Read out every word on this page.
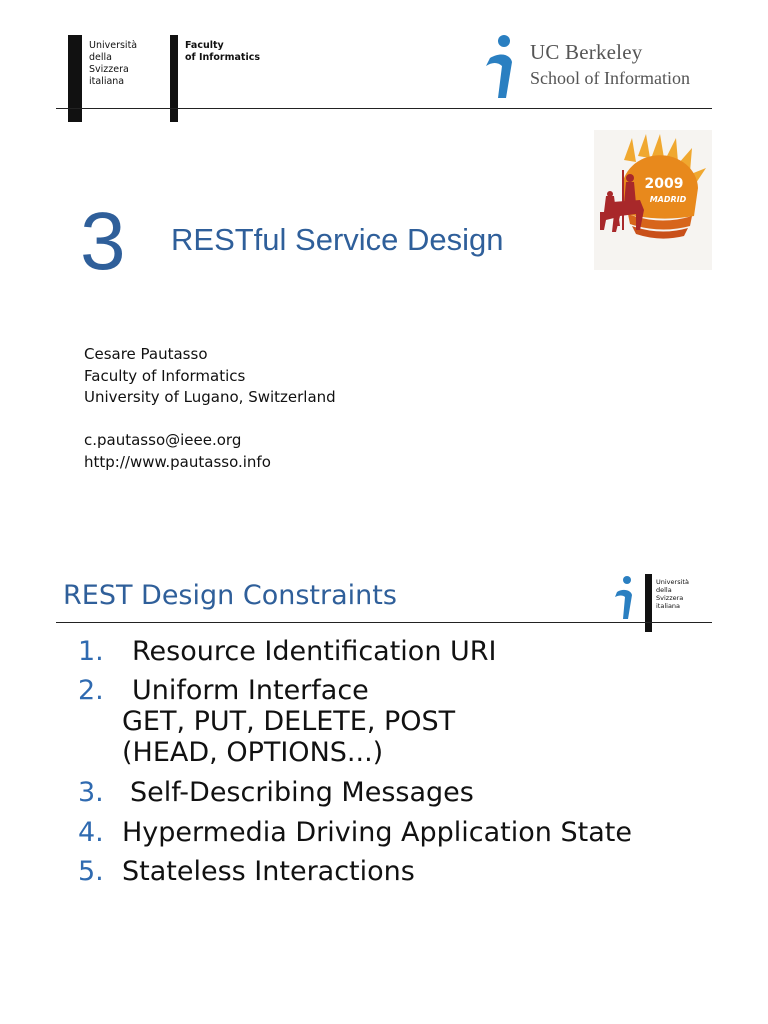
Università
della
Svizzera
italiana
Faculty
of Informatics	UC Berkeley
School of Information
2009
MADRID
3 RESTful Service Design
Cesare Pautasso
Faculty of Informatics
University of Lugano, Switzerland
c.pautasso@ieee.org
http://www.pautasso.info
REST Design Constraints	Università
della
Svizzera
italiana
1. Resource Identification URI
2. Uniform Interface
GET, PUT, DELETE, POST
(HEAD, OPTIONS...)
3. Self-Describing Messages
4. Hypermedia Driving Application State
5. Stateless Interactions
